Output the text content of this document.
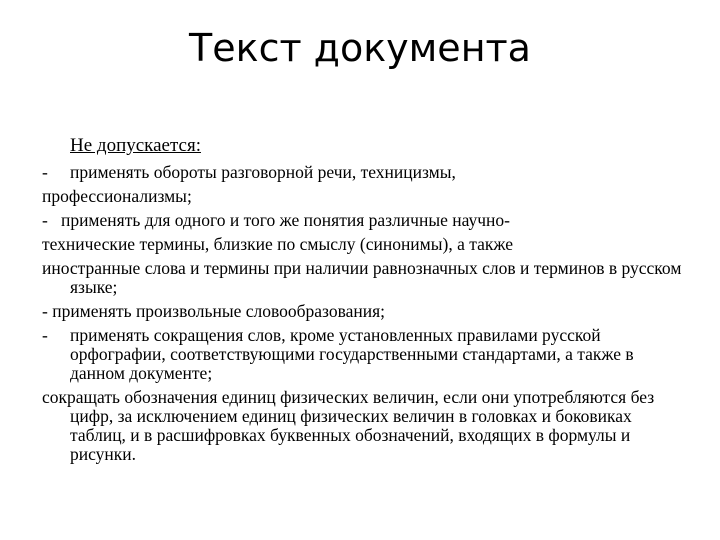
Текст документа
Не допускается:
- применять обороты разговорной речи, техницизмы,
профессионализмы;
-   применять для одного и того же понятия различные научно-
технические термины, близкие по смыслу (синонимы), а также
иностранные слова и термины при наличии равнозначных слов и терминов в русском языке;
- применять произвольные словообразования;
- применять сокращения слов, кроме установленных правилами русской орфографии, соответствующими государственными стандартами, а также в данном документе;
сокращать обозначения единиц физических величин, если они употребляются без цифр, за исключением единиц физических величин в головках и боковиках таблиц, и в расшифровках буквенных обозначений, входящих в формулы и рисунки.
